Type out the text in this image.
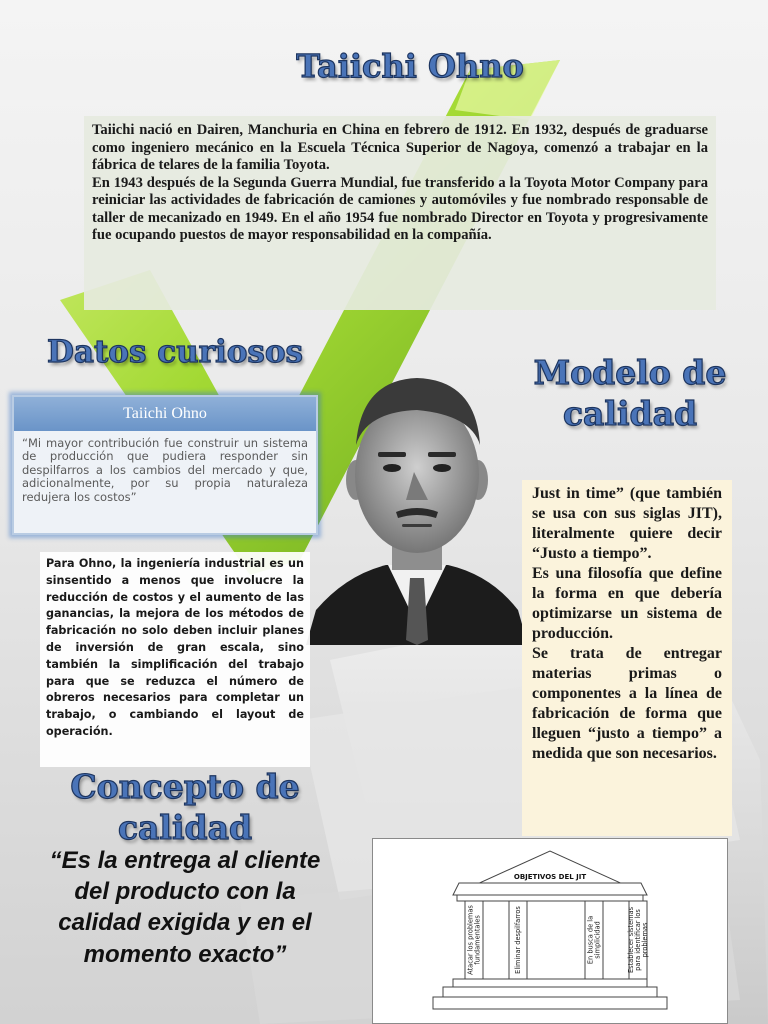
Taiichi Ohno

Taiichi nació en Dairen, Manchuria en China en febrero de 1912. En 1932, después de graduarse como ingeniero mecánico en la Escuela Técnica Superior de Nagoya, comenzó a trabajar en la fábrica de telares de la familia Toyota.

En 1943 después de la Segunda Guerra Mundial, fue transferido a la Toyota Motor Company para reiniciar las actividades de fabricación de camiones y automóviles y fue nombrado responsable de taller de mecanizado en 1949. En el año 1954 fue nombrado Director en Toyota y progresivamente fue ocupando puestos de mayor responsabilidad en la compañía.

Datos curiosos
Taiichi Ohno
“Mi mayor contribución fue construir un sistema de producción que pudiera responder sin despilfarros a los cambios del mercado y que, adicionalmente, por su propia naturaleza redujera los costos”

Para Ohno, la ingeniería industrial es un sinsentido a menos que involucre la reducción de costos y el aumento de las ganancias, la mejora de los métodos de fabricación no solo deben incluir planes de inversión de gran escala, sino también la simplificación del trabajo para que se reduzca el número de obreros necesarios para completar un trabajo, o cambiando el layout de operación.

Modelo de calidad

Just in time” (que también se usa con sus siglas JIT), literalmente quiere decir “Justo a tiempo”.

Es una filosofía que define la forma en que debería optimizarse un sistema de producción.

Se trata de entregar materias primas o componentes a la línea de fabricación de forma que lleguen “justo a tiempo” a medida que son necesarios.

Concepto de calidad

“Es la entrega al cliente del producto con la calidad exigida y en el momento exacto”

OBJETIVOS DEL JIT
Atacar los problemasfundamentales	Eliminar despilfarros	En busca de lasimplicidad	Establecer sistemaspara identificar losproblemas
